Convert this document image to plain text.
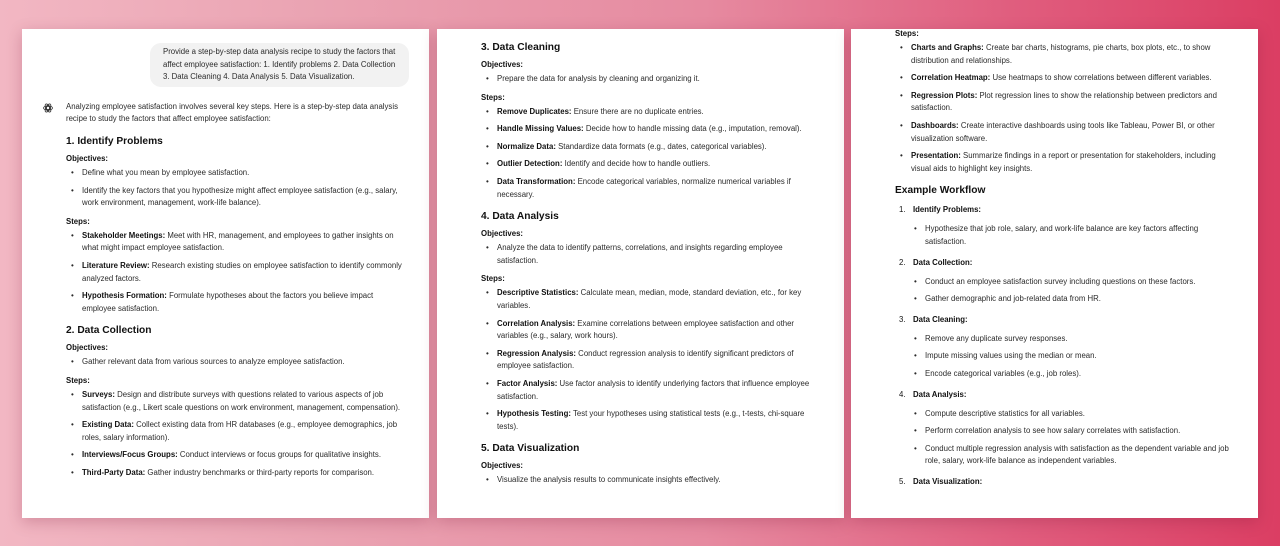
Provide a step-by-step data analysis recipe to study the factors that affect employee satisfaction: 1. Identify problems 2. Data Collection 3. Data Cleaning 4. Data Analysis 5. Data Visualization.
Analyzing employee satisfaction involves several key steps. Here is a step-by-step data analysis recipe to study the factors that affect employee satisfaction:
1. Identify Problems
Objectives:
• Define what you mean by employee satisfaction.
• Identify the key factors that you hypothesize might affect employee satisfaction (e.g., salary, work environment, management, work-life balance).
Steps:
• Stakeholder Meetings: Meet with HR, management, and employees to gather insights on what might impact employee satisfaction.
• Literature Review: Research existing studies on employee satisfaction to identify commonly analyzed factors.
• Hypothesis Formation: Formulate hypotheses about the factors you believe impact employee satisfaction.
2. Data Collection
Objectives:
• Gather relevant data from various sources to analyze employee satisfaction.
Steps:
• Surveys: Design and distribute surveys with questions related to various aspects of job satisfaction (e.g., Likert scale questions on work environment, management, compensation).
• Existing Data: Collect existing data from HR databases (e.g., employee demographics, job roles, salary information).
• Interviews/Focus Groups: Conduct interviews or focus groups for qualitative insights.
• Third-Party Data: Gather industry benchmarks or third-party reports for comparison.
3. Data Cleaning
Objectives:
• Prepare the data for analysis by cleaning and organizing it.
Steps:
• Remove Duplicates: Ensure there are no duplicate entries.
• Handle Missing Values: Decide how to handle missing data (e.g., imputation, removal).
• Normalize Data: Standardize data formats (e.g., dates, categorical variables).
• Outlier Detection: Identify and decide how to handle outliers.
• Data Transformation: Encode categorical variables, normalize numerical variables if necessary.
4. Data Analysis
Objectives:
• Analyze the data to identify patterns, correlations, and insights regarding employee satisfaction.
Steps:
• Descriptive Statistics: Calculate mean, median, mode, standard deviation, etc., for key variables.
• Correlation Analysis: Examine correlations between employee satisfaction and other variables (e.g., salary, work hours).
• Regression Analysis: Conduct regression analysis to identify significant predictors of employee satisfaction.
• Factor Analysis: Use factor analysis to identify underlying factors that influence employee satisfaction.
• Hypothesis Testing: Test your hypotheses using statistical tests (e.g., t-tests, chi-square tests).
5. Data Visualization
Objectives:
• Visualize the analysis results to communicate insights effectively.
Steps:
• Charts and Graphs: Create bar charts, histograms, pie charts, box plots, etc., to show distribution and relationships.
• Correlation Heatmap: Use heatmaps to show correlations between different variables.
• Regression Plots: Plot regression lines to show the relationship between predictors and satisfaction.
• Dashboards: Create interactive dashboards using tools like Tableau, Power BI, or other visualization software.
• Presentation: Summarize findings in a report or presentation for stakeholders, including visual aids to highlight key insights.
Example Workflow
1. Identify Problems:
• Hypothesize that job role, salary, and work-life balance are key factors affecting satisfaction.
2. Data Collection:
• Conduct an employee satisfaction survey including questions on these factors.
• Gather demographic and job-related data from HR.
3. Data Cleaning:
• Remove any duplicate survey responses.
• Impute missing values using the median or mean.
• Encode categorical variables (e.g., job roles).
4. Data Analysis:
• Compute descriptive statistics for all variables.
• Perform correlation analysis to see how salary correlates with satisfaction.
• Conduct multiple regression analysis with satisfaction as the dependent variable and job role, salary, work-life balance as independent variables.
5. Data Visualization:
